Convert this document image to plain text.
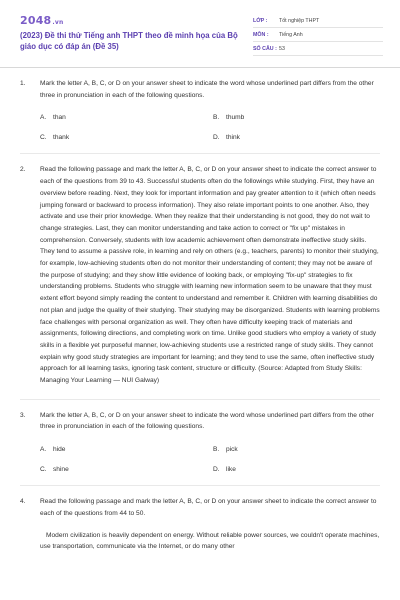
2048.vn
(2023) Đề thi thử Tiếng anh THPT theo đề minh họa của Bộ giáo dục có đáp án (Đề 35)
LỚP :	Tốt nghiệp THPT
MÔN :	Tiếng Anh
SỐ CÂU : 53
1. Mark the letter A, B, C, or D on your answer sheet to indicate the word whose underlined part differs from the other three in pronunciation in each of the following questions.
A.	than	B.	thumb
C. thank	D. think
2. Read the following passage and mark the letter A, B, C, or D on your answer sheet to indicate the correct answer to each of the questions from 39 to 43. Successful students often do the followings while studying. First, they have an overview before reading. Next, they look for important information and pay greater attention to it (which often needs jumping forward or backward to process information). They also relate important points to one another. Also, they activate and use their prior knowledge. When they realize that their understanding is not good, they do not wait to change strategies. Last, they can monitor understanding and take action to correct or "fix up" mistakes in comprehension. Conversely, students with low academic achievement often demonstrate ineffective study skills. They tend to assume a passive role, in learning and rely on others (e.g., teachers, parents) to monitor their studying, for example, low-achieving students often do not monitor their understanding of content; they may not be aware of the purpose of studying; and they show little evidence of looking back, or employing "fix-up" strategies to fix understanding problems. Students who struggle with learning new information seem to be unaware that they must extent effort beyond simply reading the content to understand and remember it. Children with learning disabilities do not plan and judge the quality of their studying. Their studying may be disorganized. Students with learning problems face challenges with personal organization as well. They often have difficulty keeping track of materials and assignments, following directions, and completing work on time. Unlike good studiers who employ a variety of study skills in a flexible yet purposeful manner, low-achieving students use a restricted range of study skills. They cannot explain why good study strategies are important for learning; and they tend to use the same, often ineffective study approach for all learning tasks, ignoring task content, structure or difficulty. (Source: Adapted from Study Skills: Managing Your Learning — NUI Galway)
3. Mark the letter A, B, C, or D on your answer sheet to indicate the word whose underlined part differs from the other three in pronunciation in each of the following questions.
A.	hide	B.	pick
C. shine	D. like
4. Read the following passage and mark the letter A, B, C, or D on your answer sheet to indicate the correct answer to each of the questions from 44 to 50.
Modern civilization is heavily dependent on energy. Without reliable power sources, we couldn't operate machines, use transportation, communicate via the Internet, or do many other
